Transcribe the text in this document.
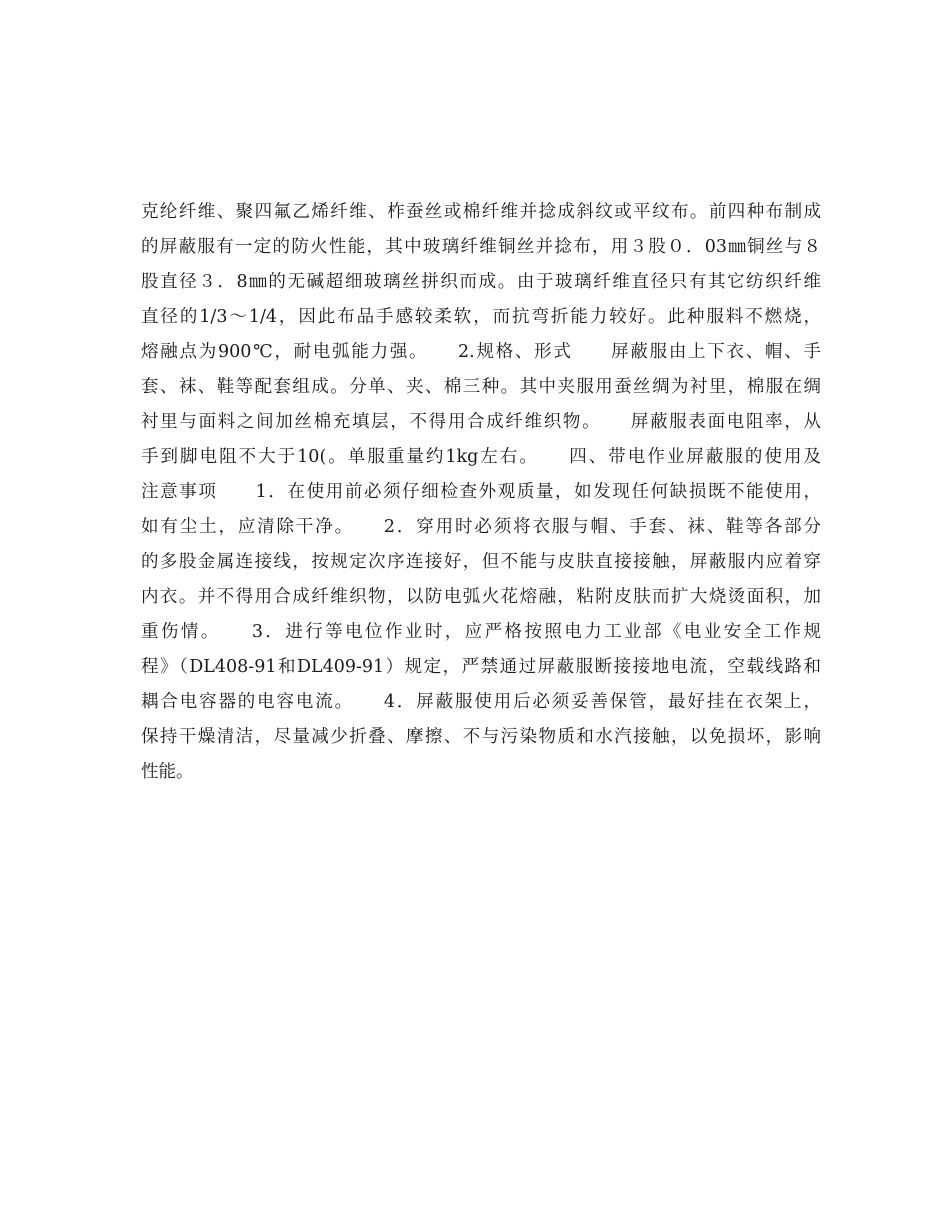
克纶纤维、聚四氟乙烯纤维、柞蚕丝或棉纤维并捻成斜纹或平纹布。前四种布制成
的屏蔽服有一定的防火性能，其中玻璃纤维铜丝并捻布，用３股０．03㎜铜丝与８
股直径３．8㎜的无碱超细玻璃丝拼织而成。由于玻璃纤维直径只有其它纺织纤维
直径的1/3～1/4，因此布品手感较柔软，而抗弯折能力较好。此种服料不燃烧，
熔融点为900℃，耐电弧能力强。　　2.规格、形式　　屏蔽服由上下衣、帽、手
套、袜、鞋等配套组成。分单、夹、棉三种。其中夹服用蚕丝绸为衬里，棉服在绸
衬里与面料之间加丝棉充填层，不得用合成纤维织物。　　屏蔽服表面电阻率，从
手到脚电阻不大于10(。单服重量约1kg左右。　　四、带电作业屏蔽服的使用及
注意事项　　1．在使用前必须仔细检查外观质量，如发现任何缺损既不能使用，
如有尘土，应清除干净。　　2．穿用时必须将衣服与帽、手套、袜、鞋等各部分
的多股金属连接线，按规定次序连接好，但不能与皮肤直接接触，屏蔽服内应着穿
内衣。并不得用合成纤维织物，以防电弧火花熔融，粘附皮肤而扩大烧烫面积，加
重伤情。　　3．进行等电位作业时，应严格按照电力工业部《电业安全工作规
程》（DL408-91和DL409-91）规定，严禁通过屏蔽服断接接地电流，空载线路和
耦合电容器的电容电流。　　4．屏蔽服使用后必须妥善保管，最好挂在衣架上，
保持干燥清洁，尽量减少折叠、摩擦、不与污染物质和水汽接触，以免损坏，影响
性能。
